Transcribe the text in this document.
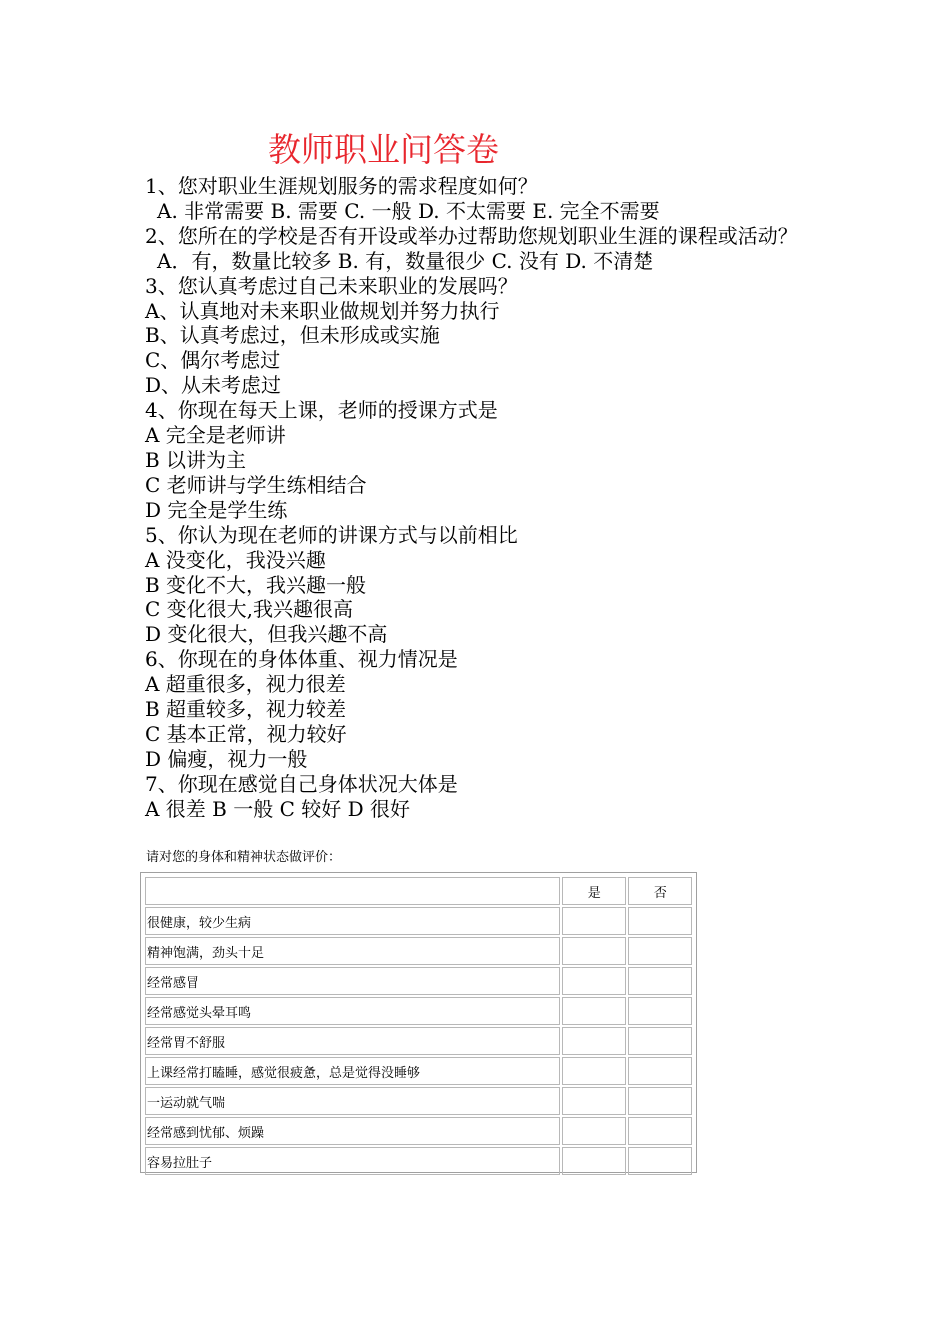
教师职业问答卷
1、您对职业生涯规划服务的需求程度如何？
A. 非常需要 B. 需要 C. 一般 D. 不太需要 E. 完全不需要
2、您所在的学校是否有开设或举办过帮助您规划职业生涯的课程或活动？
A．有，数量比较多 B. 有，数量很少 C. 没有 D. 不清楚
3、您认真考虑过自己未来职业的发展吗？
A、认真地对未来职业做规划并努力执行
B、认真考虑过，但未形成或实施
C、偶尔考虑过
D、从未考虑过
4、你现在每天上课，老师的授课方式是
A 完全是老师讲
B 以讲为主
C 老师讲与学生练相结合
D 完全是学生练
5、你认为现在老师的讲课方式与以前相比
A 没变化，我没兴趣
B 变化不大，我兴趣一般
C 变化很大,我兴趣很高
D 变化很大，但我兴趣不高
6、你现在的身体体重、视力情况是
A 超重很多，视力很差
B 超重较多，视力较差
C 基本正常，视力较好
D 偏瘦，视力一般
7、你现在感觉自己身体状况大体是
A 很差 B 一般 C 较好 D 很好
请对您的身体和精神状态做评价：
	是	否
很健康，较少生病		
精神饱满，劲头十足		
经常感冒		
经常感觉头晕耳鸣		
经常胃不舒服		
上课经常打瞌睡，感觉很疲惫，总是觉得没睡够		
一运动就气喘		
经常感到忧郁、烦躁		
容易拉肚子		
